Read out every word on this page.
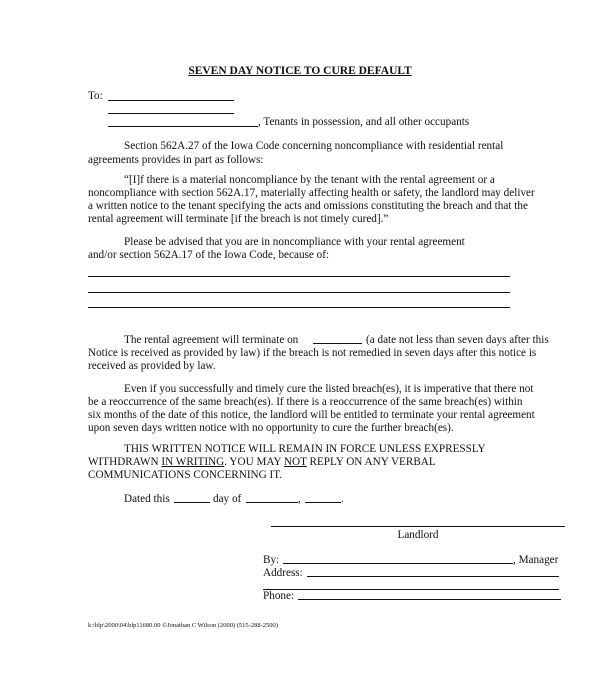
SEVEN DAY NOTICE TO CURE DEFAULT
To:
, Tenants in possession, and all other occupants
Section 562A.27 of the Iowa Code concerning noncompliance with residential rental
agreements provides in part as follows:
“[I]f there is a material noncompliance by the tenant with the rental agreement or a
noncompliance with section 562A.17, materially affecting health or safety, the landlord may deliver
a written notice to the tenant specifying the acts and omissions constituting the breach and that the
rental agreement will terminate [if the breach is not timely cured].”
Please be advised that you are in noncompliance with your rental agreement
and/or section 562A.17 of the Iowa Code, because of:
The rental agreement will terminate on	(a date not less than seven days after this
Notice is received as provided by law) if the breach is not remedied in seven days after this notice is
received as provided by law.
Even if you successfully and timely cure the listed breach(es), it is imperative that there not
be a reoccurrence of the same breach(es). If there is a reoccurrence of the same breach(es) within
six months of the date of this notice, the landlord will be entitled to terminate your rental agreement
upon seven days written notice with no opportunity to cure the further breach(es).
THIS WRITTEN NOTICE WILL REMAIN IN FORCE UNLESS EXPRESSLY
WITHDRAWN IN WRITING. YOU MAY NOT REPLY ON ANY VERBAL
COMMUNICATIONS CONCERNING IT.
Dated this	day of	,	.
Landlord
By:	, Manager
Address:
Phone:
k:\blp\2000\04\blp11680.00 ©Jonathan C Wilson (2000) (515-288-2500)
